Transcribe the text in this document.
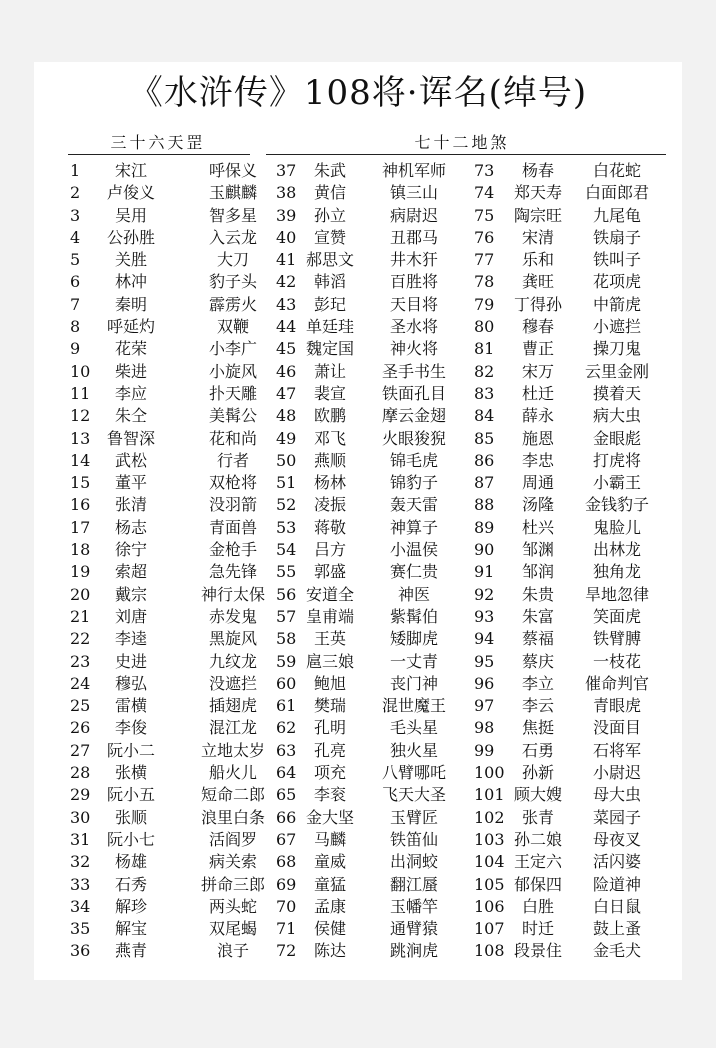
《水浒传》108将·诨名(绰号)
三十六天罡	七十二地煞
1	宋江	呼保义
2	卢俊义	玉麒麟
3	吴用	智多星
4	公孙胜	入云龙
5	关胜	大刀
6	林冲	豹子头
7	秦明	霹雳火
8	呼延灼	双鞭
9	花荣	小李广
10	柴进	小旋风
11	李应	扑天雕
12	朱仝	美髯公
13	鲁智深	花和尚
14	武松	行者
15	董平	双枪将
16	张清	没羽箭
17	杨志	青面兽
18	徐宁	金枪手
19	索超	急先锋
20	戴宗	神行太保
21	刘唐	赤发鬼
22	李逵	黑旋风
23	史进	九纹龙
24	穆弘	没遮拦
25	雷横	插翅虎
26	李俊	混江龙
27	阮小二	立地太岁
28	张横	船火儿
29	阮小五	短命二郎
30	张顺	浪里白条
31	阮小七	活阎罗
32	杨雄	病关索
33	石秀	拼命三郎
34	解珍	两头蛇
35	解宝	双尾蝎
36	燕青	浪子
37	朱武	神机军师
38	黄信	镇三山
39	孙立	病尉迟
40	宣赞	丑郡马
41 郝思文	井木犴
42	韩滔	百胜将
43	彭玘	天目将
44 单廷珪	圣水将
45 魏定国	神火将
46	萧让	圣手书生
47	裴宣	铁面孔目
48	欧鹏	摩云金翅
49	邓飞	火眼狻猊
50	燕顺	锦毛虎
51	杨林	锦豹子
52	凌振	轰天雷
53	蒋敬	神算子
54	吕方	小温侯
55	郭盛	赛仁贵
56 安道全	神医
57 皇甫端	紫髯伯
58	王英	矮脚虎
59 扈三娘	一丈青
60	鲍旭	丧门神
61	樊瑞	混世魔王
62	孔明	毛头星
63	孔亮	独火星
64	项充	八臂哪吒
65	李衮	飞天大圣
66 金大坚	玉臂匠
67	马麟	铁笛仙
68	童威	出洞蛟
69	童猛	翻江蜃
70	孟康	玉幡竿
71	侯健	通臂猿
72	陈达	跳涧虎
73	杨春	白花蛇
74	郑天寿	白面郎君
75	陶宗旺	九尾龟
76	宋清	铁扇子
77	乐和	铁叫子
78	龚旺	花项虎
79	丁得孙	中箭虎
80	穆春	小遮拦
81	曹正	操刀鬼
82	宋万	云里金刚
83	杜迁	摸着天
84	薛永	病大虫
85	施恩	金眼彪
86	李忠	打虎将
87	周通	小霸王
88	汤隆	金钱豹子
89	杜兴	鬼脸儿
90	邹渊	出林龙
91	邹润	独角龙
92	朱贵	旱地忽律
93	朱富	笑面虎
94	蔡福	铁臂膊
95	蔡庆	一枝花
96	李立	催命判官
97	李云	青眼虎
98	焦挺	没面目
99	石勇	石将军
100	孙新	小尉迟
101 顾大嫂	母大虫
102	张青	菜园子
103 孙二娘	母夜叉
104 王定六	活闪婆
105 郁保四	险道神
106	白胜	白日鼠
107	时迁	鼓上蚤
108 段景住	金毛犬
